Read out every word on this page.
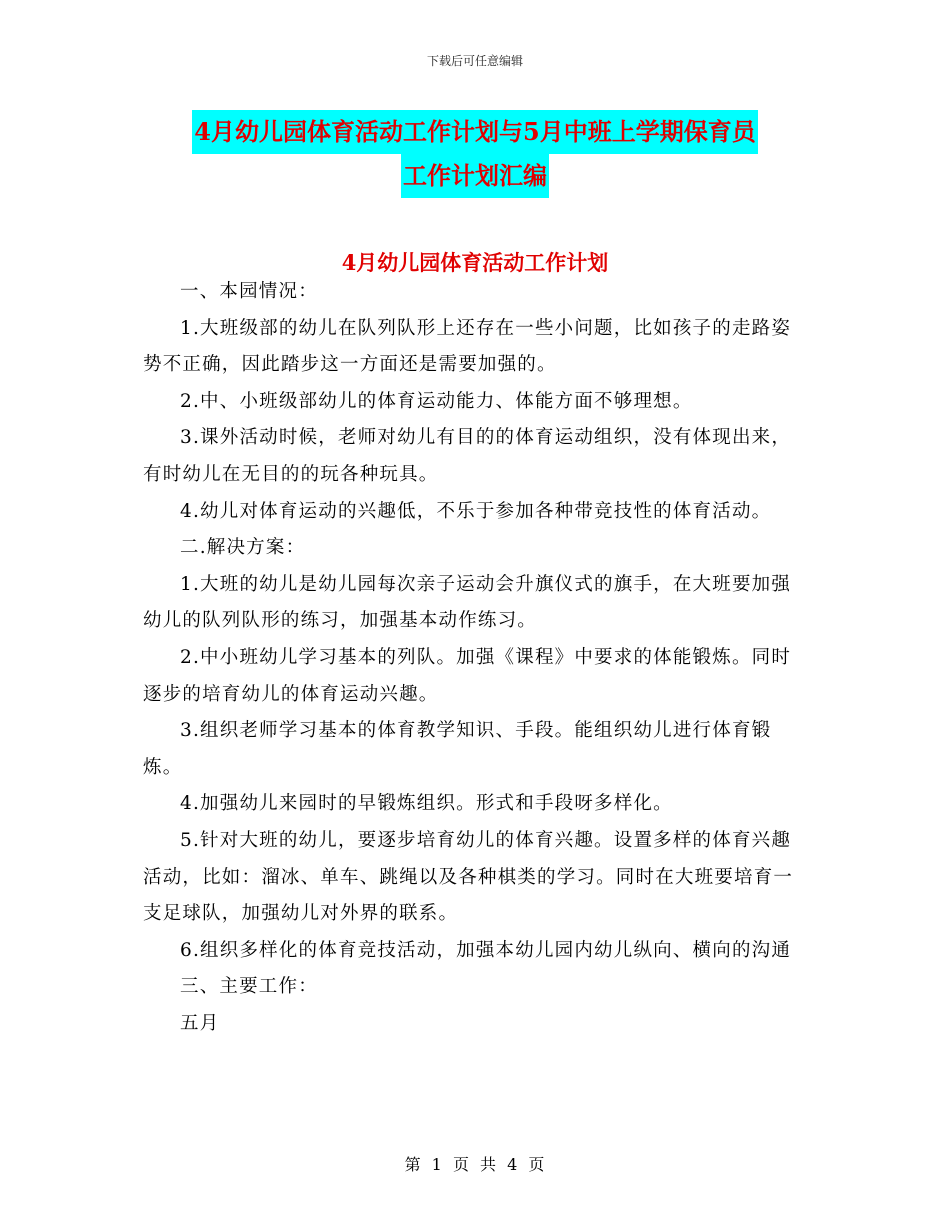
下载后可任意编辑
4月幼儿园体育活动工作计划与5月中班上学期保育员
工作计划汇编
4月幼儿园体育活动工作计划

一、本园情况：

1.大班级部的幼儿在队列队形上还存在一些小问题，比如孩子的走路姿势不正确，因此踏步这一方面还是需要加强的。

2.中、小班级部幼儿的体育运动能力、体能方面不够理想。

3.课外活动时候，老师对幼儿有目的的体育运动组织，没有体现出来，有时幼儿在无目的的玩各种玩具。

4.幼儿对体育运动的兴趣低，不乐于参加各种带竞技性的体育活动。

二.解决方案：

1.大班的幼儿是幼儿园每次亲子运动会升旗仪式的旗手，在大班要加强幼儿的队列队形的练习，加强基本动作练习。

2.中小班幼儿学习基本的列队。加强《课程》中要求的体能锻炼。同时逐步的培育幼儿的体育运动兴趣。

3.组织老师学习基本的体育教学知识、手段。能组织幼儿进行体育锻炼。

4.加强幼儿来园时的早锻炼组织。形式和手段呀多样化。

5.针对大班的幼儿，要逐步培育幼儿的体育兴趣。设置多样的体育兴趣活动，比如：溜冰、单车、跳绳以及各种棋类的学习。同时在大班要培育一支足球队，加强幼儿对外界的联系。

6.组织多样化的体育竞技活动，加强本幼儿园内幼儿纵向、横向的沟通

三、主要工作：

五月

第 1 页 共 4 页
